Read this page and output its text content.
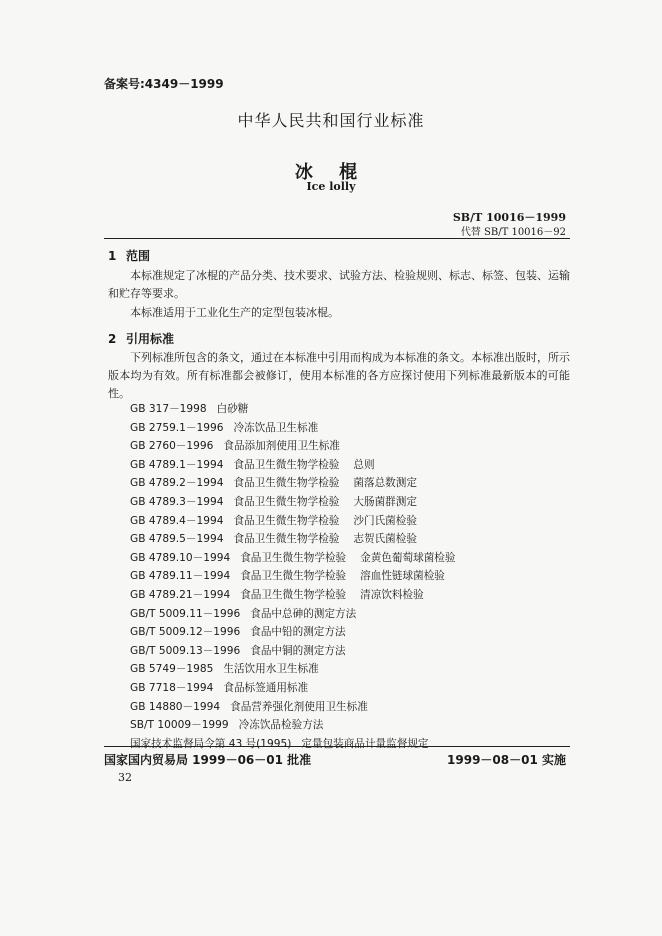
备案号:4349－1999
中华人民共和国行业标准
冰 棍
Ice lolly
SB/T 10016－1999
代替 SB/T 10016－92
1 范围
本标准规定了冰棍的产品分类、技术要求、试验方法、检验规则、标志、标签、包装、运输和贮存等要求。
本标准适用于工业化生产的定型包装冰棍。
2 引用标准
下列标准所包含的条文，通过在本标准中引用而构成为本标准的条文。本标准出版时，所示版本均为有效。所有标准都会被修订，使用本标准的各方应探讨使用下列标准最新版本的可能性。
GB 317－1998 白砂糖
GB 2759.1－1996 冷冻饮品卫生标准
GB 2760－1996 食品添加剂使用卫生标准
GB 4789.1－1994 食品卫生微生物学检验 总则
GB 4789.2－1994 食品卫生微生物学检验 菌落总数测定
GB 4789.3－1994 食品卫生微生物学检验 大肠菌群测定
GB 4789.4－1994 食品卫生微生物学检验 沙门氏菌检验
GB 4789.5－1994 食品卫生微生物学检验 志贺氏菌检验
GB 4789.10－1994 食品卫生微生物学检验 金黄色葡萄球菌检验
GB 4789.11－1994 食品卫生微生物学检验 溶血性链球菌检验
GB 4789.21－1994 食品卫生微生物学检验 清凉饮料检验
GB/T 5009.11－1996 食品中总砷的测定方法
GB/T 5009.12－1996 食品中铅的测定方法
GB/T 5009.13－1996 食品中铜的测定方法
GB 5749－1985 生活饮用水卫生标准
GB 7718－1994 食品标签通用标准
GB 14880－1994 食品营养强化剂使用卫生标准
SB/T 10009－1999 冷冻饮品检验方法
国家技术监督局令第 43 号(1995) 定量包装商品计量监督规定
国家国内贸易局 1999－06－01 批准	1999－08－01 实施
32
